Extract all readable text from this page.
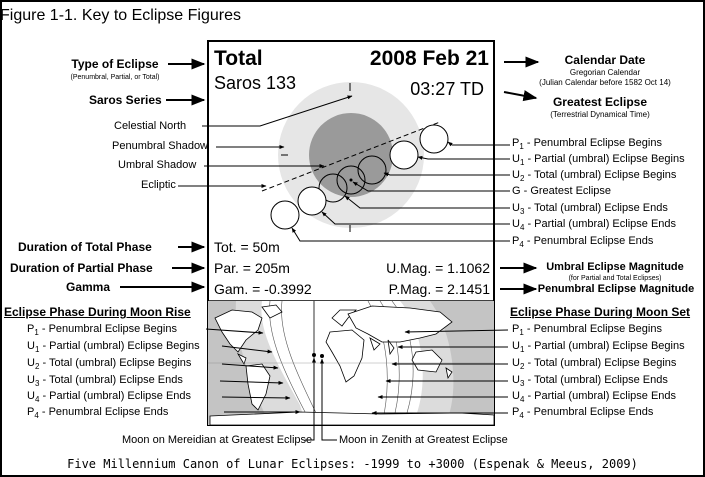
Figure 1-1. Key to Eclipse Figures
Total	2008 Feb 21
Saros 133	03:27 TD
Tot. = 50m
Par. = 205m
Gam. = -0.3992
U.Mag. = 1.1062
P.Mag. = 2.1451
Type of Eclipse
(Penumbral, Partial, or Total)
Saros Series
Celestial North
Penumbral Shadow
Umbral Shadow
Ecliptic
Duration of Total Phase
Duration of Partial Phase
Gamma
Calendar Date
Gregorian Calendar
(Julian Calendar before 1582 Oct 14)
Greatest Eclipse
(Terrestrial Dynamical Time)
Umbral Eclipse Magnitude
(for Partial and Total Eclipses)
Penumbral Eclipse Magnitude
$P_1$ - Penumbral Eclipse Begins
$U_1$ - Partial (umbral) Eclipse Begins
$U_2$ - Total (umbral) Eclipse Begins
G - Greatest Eclipse
$U_3$ - Total (umbral) Eclipse Ends
$U_4$ - Partial (umbral) Eclipse Ends
$P_4$ - Penumbral Eclipse Ends
Eclipse Phase During Moon Rise
$P_1$ - Penumbral Eclipse Begins
$U_1$ - Partial (umbral) Eclipse Begins
$U_2$ - Total (umbral) Eclipse Begins
$U_3$ - Total (umbral) Eclipse Ends
$U_4$ - Partial (umbral) Eclipse Ends
$P_4$ - Penumbral Eclipse Ends
Eclipse Phase During Moon Set
$P_1$ - Penumbral Eclipse Begins
$U_1$ - Partial (umbral) Eclipse Begins
$U_2$ - Total (umbral) Eclipse Begins
$U_3$ - Total (umbral) Eclipse Ends
$U_4$ - Partial (umbral) Eclipse Ends
$P_4$ - Penumbral Eclipse Ends
Moon on Mereidian at Greatest Eclipse Moon in Zenith at Greatest Eclipse
Five Millennium Canon of Lunar Eclipses: -1999 to +3000 (Espenak & Meeus, 2009)
